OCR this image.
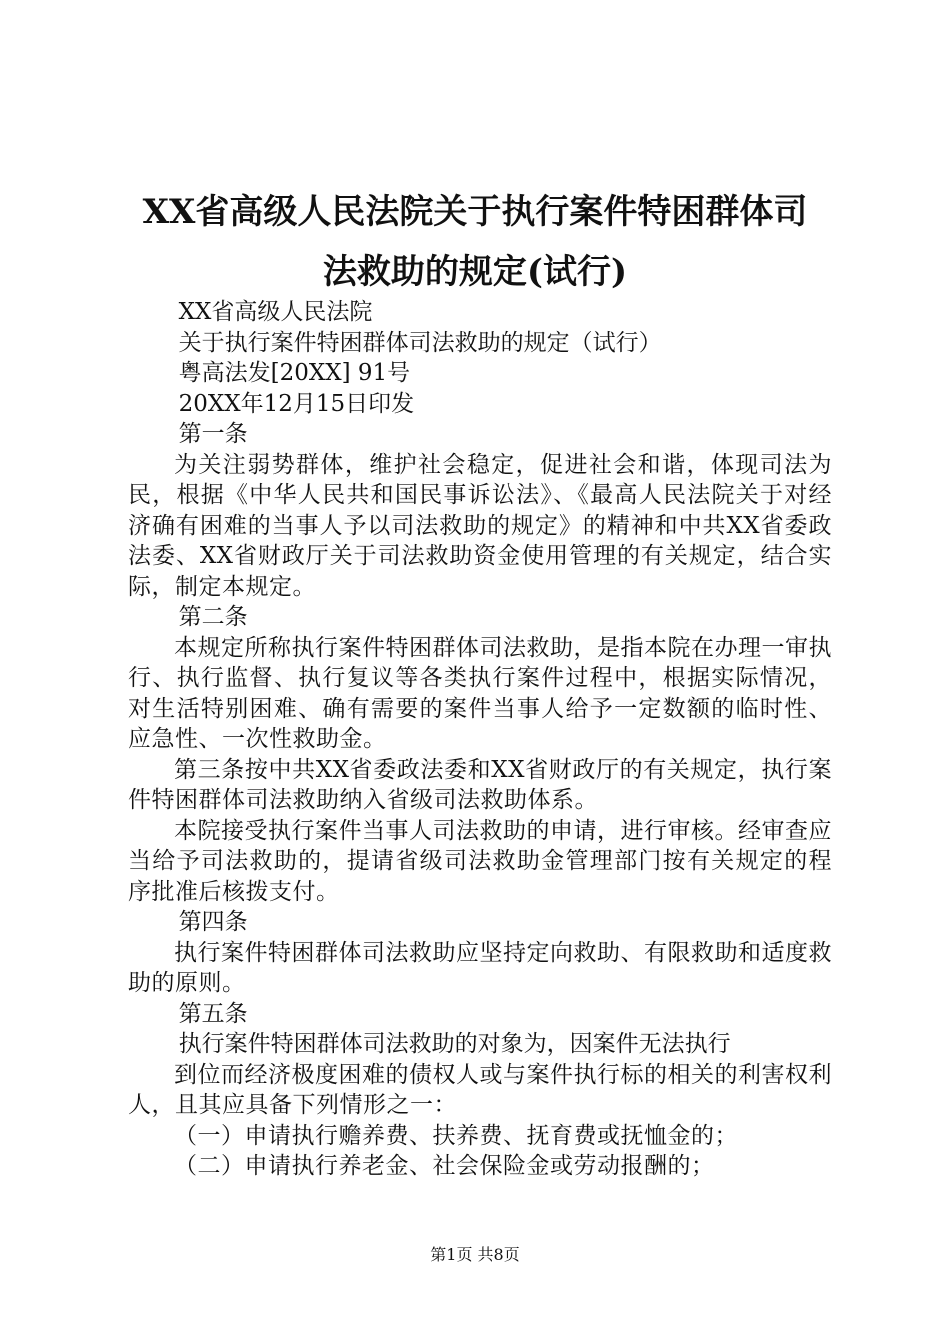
XX省高级人民法院关于执行案件特困群体司
法救助的规定(试行)

XX省高级人民法院

关于执行案件特困群体司法救助的规定（试行）

粤高法发[20XX] 91号

20XX年12月15日印发

第一条

为关注弱势群体，维护社会稳定，促进社会和谐，体现司法为民，根据《中华人民共和国民事诉讼法》、《最高人民法院关于对经济确有困难的当事人予以司法救助的规定》的精神和中共XX省委政法委、XX省财政厅关于司法救助资金使用管理的有关规定，结合实际，制定本规定。

第二条

本规定所称执行案件特困群体司法救助，是指本院在办理一审执行、执行监督、执行复议等各类执行案件过程中，根据实际情况，对生活特别困难、确有需要的案件当事人给予一定数额的临时性、应急性、一次性救助金。

第三条按中共XX省委政法委和XX省财政厅的有关规定，执行案件特困群体司法救助纳入省级司法救助体系。

本院接受执行案件当事人司法救助的申请，进行审核。经审查应当给予司法救助的，提请省级司法救助金管理部门按有关规定的程序批准后核拨支付。

第四条

执行案件特困群体司法救助应坚持定向救助、有限救助和适度救助的原则。

第五条

执行案件特困群体司法救助的对象为，因案件无法执行

到位而经济极度困难的债权人或与案件执行标的相关的利害权利人，且其应具备下列情形之一：

（一）申请执行赡养费、扶养费、抚育费或抚恤金的；

（二）申请执行养老金、社会保险金或劳动报酬的；

第1页 共8页
